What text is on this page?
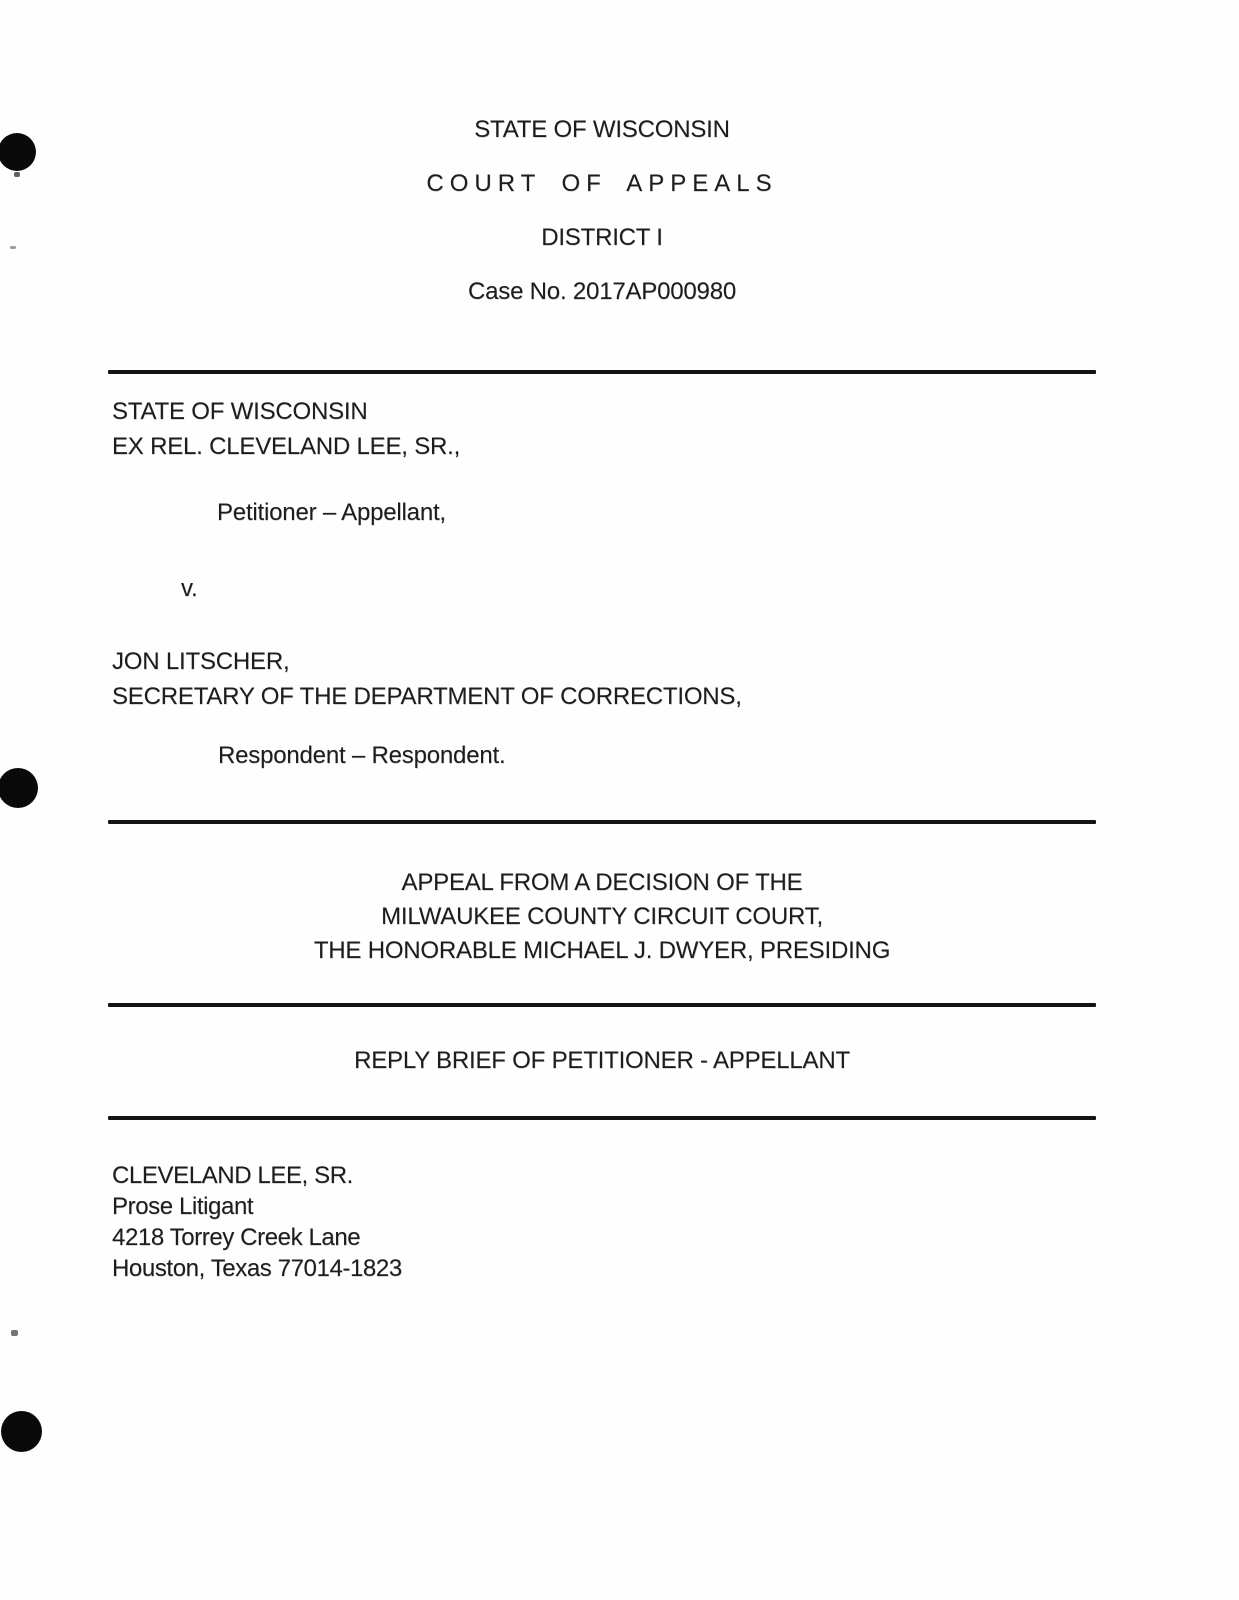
STATE OF WISCONSIN
COURT OF APPEALS
DISTRICT I
Case No. 2017AP000980
STATE OF WISCONSIN
EX REL. CLEVELAND LEE, SR.,
Petitioner – Appellant,
v.
JON LITSCHER,
SECRETARY OF THE DEPARTMENT OF CORRECTIONS,
Respondent – Respondent.
APPEAL FROM A DECISION OF THE
MILWAUKEE COUNTY CIRCUIT COURT,
THE HONORABLE MICHAEL J. DWYER, PRESIDING
REPLY BRIEF OF PETITIONER - APPELLANT
CLEVELAND LEE, SR.
Prose Litigant
4218 Torrey Creek Lane
Houston, Texas 77014-1823
